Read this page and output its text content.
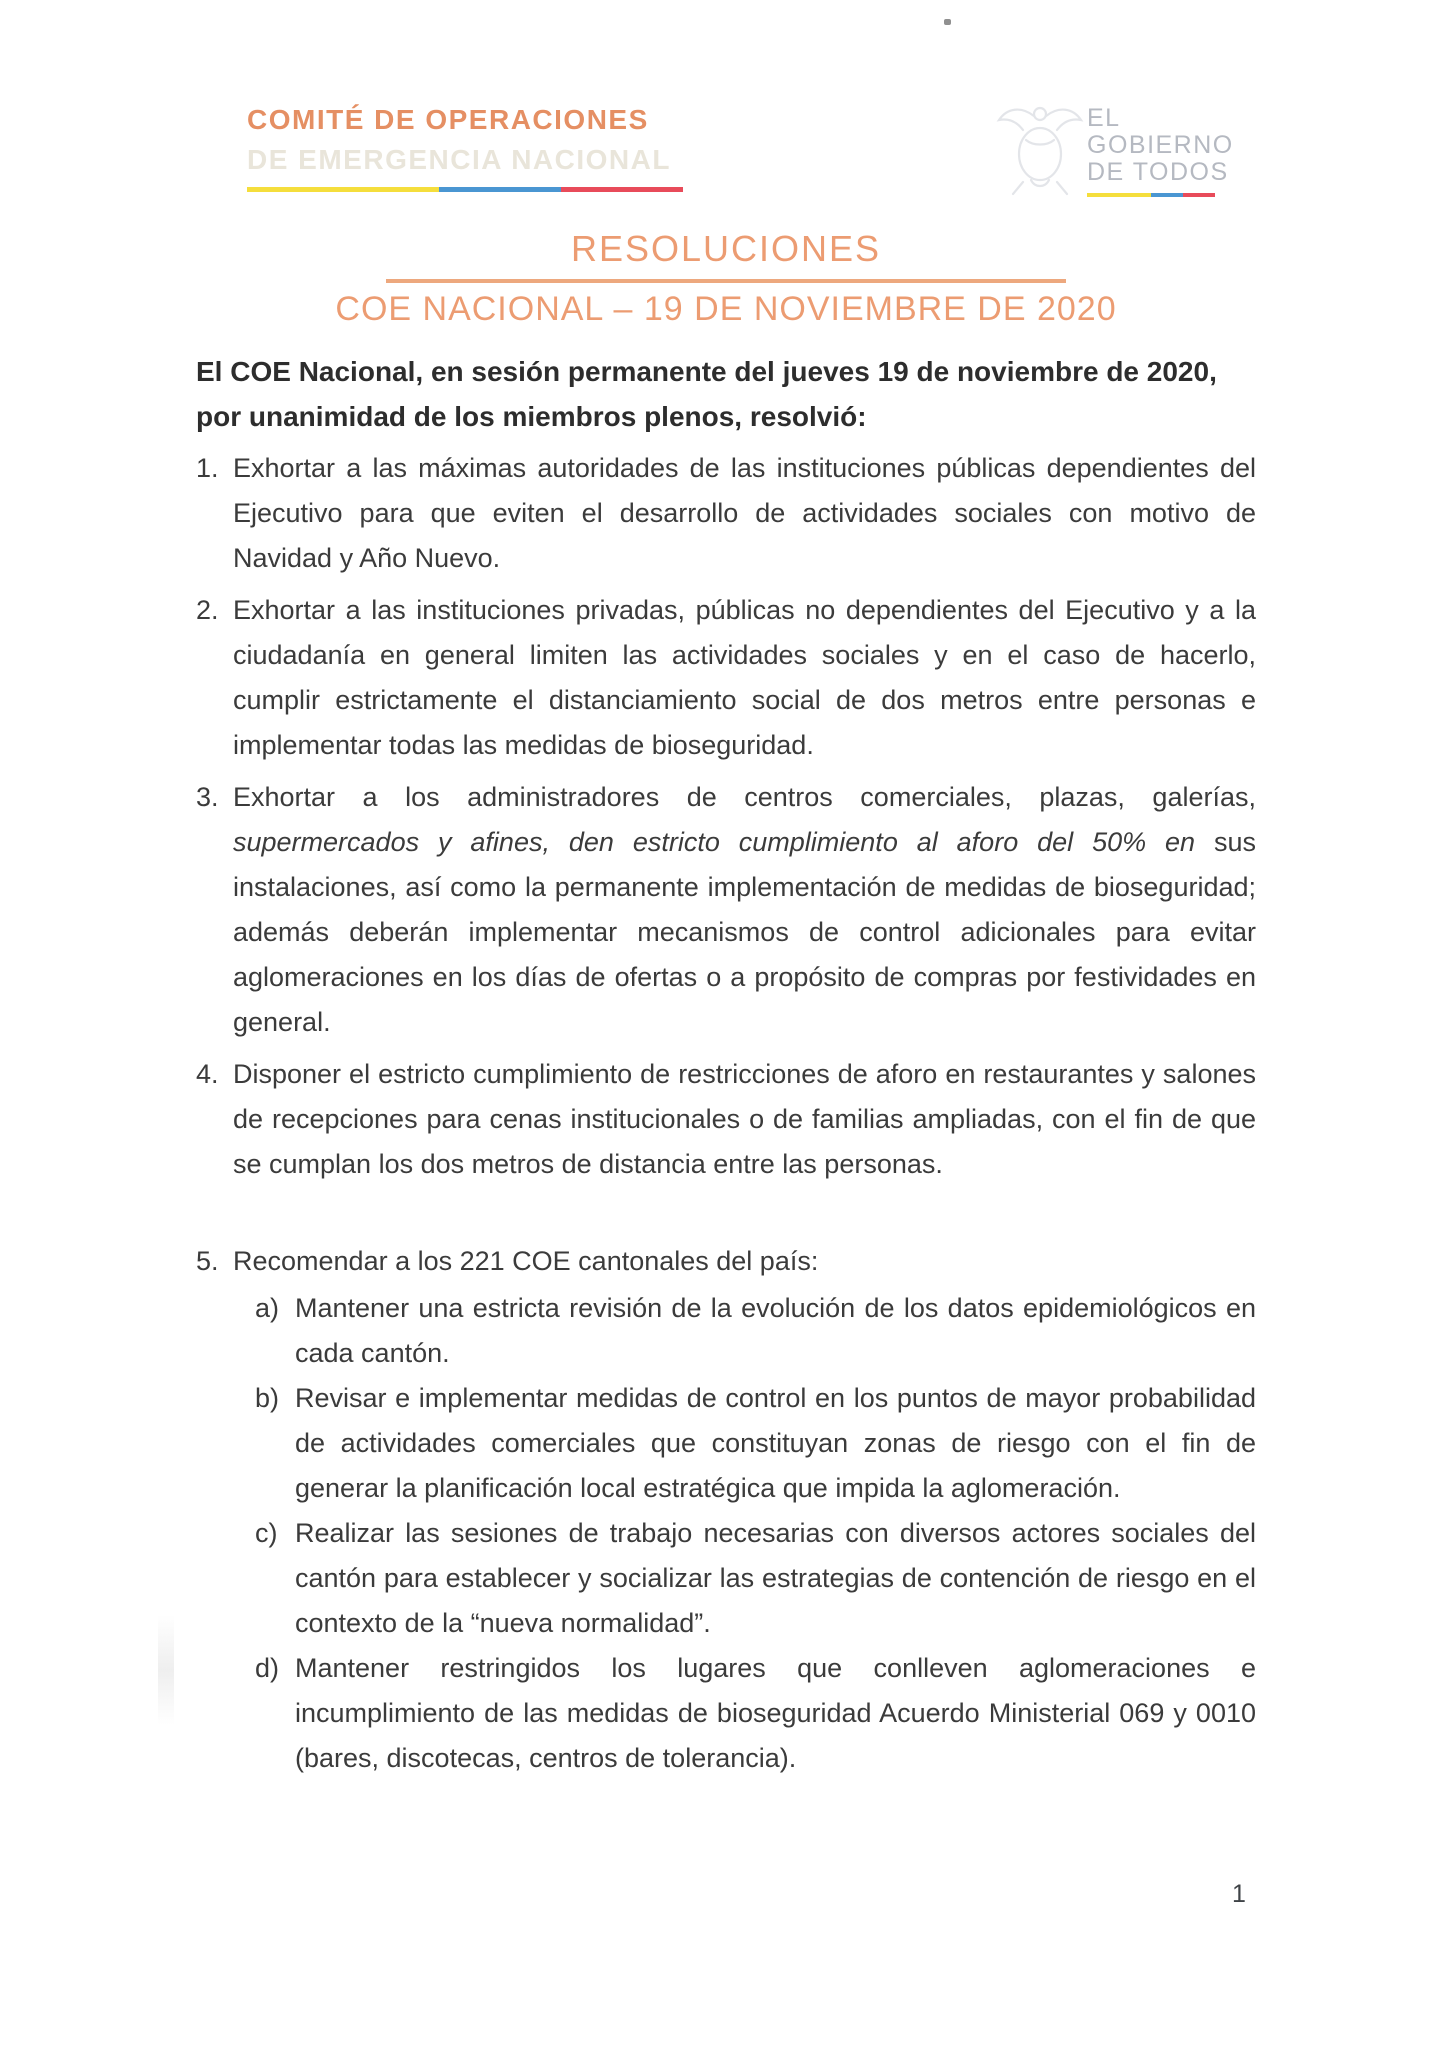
COMITÉ DE OPERACIONES
DE EMERGENCIA NACIONAL
EL
GOBIERNO
DE TODOS
RESOLUCIONES
COE NACIONAL – 19 DE NOVIEMBRE DE 2020

El COE Nacional, en sesión permanente del jueves 19 de noviembre de 2020, por unanimidad de los miembros plenos, resolvió:

1. Exhortar a las máximas autoridades de las instituciones públicas dependientes del Ejecutivo para que eviten el desarrollo de actividades sociales con motivo de Navidad y Año Nuevo.
2. Exhortar a las instituciones privadas, públicas no dependientes del Ejecutivo y a la ciudadanía en general limiten las actividades sociales y en el caso de hacerlo, cumplir estrictamente el distanciamiento social de dos metros entre personas e implementar todas las medidas de bioseguridad.
3. Exhortar a los administradores de centros comerciales, plazas, galerías, supermercados y afines, den estricto cumplimiento al aforo del 50% en sus instalaciones, así como la permanente implementación de medidas de bioseguridad; además deberán implementar mecanismos de control adicionales para evitar aglomeraciones en los días de ofertas o a propósito de compras por festividades en general.
4. Disponer el estricto cumplimiento de restricciones de aforo en restaurantes y salones de recepciones para cenas institucionales o de familias ampliadas, con el fin de que se cumplan los dos metros de distancia entre las personas.
5. Recomendar a los 221 COE cantonales del país:
a) Mantener una estricta revisión de la evolución de los datos epidemiológicos en cada cantón.
b) Revisar e implementar medidas de control en los puntos de mayor probabilidad de actividades comerciales que constituyan zonas de riesgo con el fin de generar la planificación local estratégica que impida la aglomeración.
c) Realizar las sesiones de trabajo necesarias con diversos actores sociales del cantón para establecer y socializar las estrategias de contención de riesgo en el contexto de la “nueva normalidad”.
d) Mantener restringidos los lugares que conlleven aglomeraciones e incumplimiento de las medidas de bioseguridad Acuerdo Ministerial 069 y 0010 (bares, discotecas, centros de tolerancia).
1
